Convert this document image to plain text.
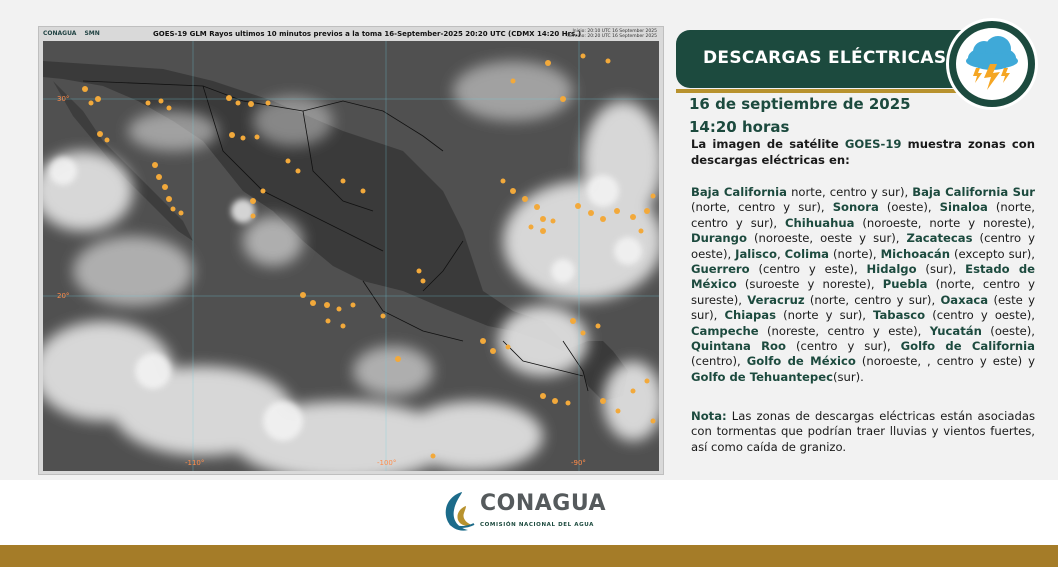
CONAGUA SMN	GOES-19 GLM Rayos ultimos 10 minutos previos a la toma 16-September-2025 20:20 UTC (CDMX 14:20 Hrs.)
Inicio: 20:10 UTC 16 September 2025
Termino: 20:20 UTC 16 September 2025
30°
20°
-110°	-100°	-90°
DESCARGAS ELÉCTRICAS
16 de septiembre de 2025
14:20 horas
La imagen de satélite GOES-19 muestra zonas con descargas eléctricas en:
Baja California norte, centro y sur), Baja California Sur (norte, centro y sur), Sonora (oeste), Sinaloa (norte, centro y sur), Chihuahua (noroeste, norte y noreste), Durango (noroeste, oeste y sur), Zacatecas (centro y oeste), Jalisco, Colima (norte), Michoacán (excepto sur), Guerrero (centro y este), Hidalgo (sur), Estado de México (suroeste y noreste), Puebla (norte, centro y sureste), Veracruz (norte, centro y sur), Oaxaca (este y sur), Chiapas (norte y sur), Tabasco (centro y oeste), Campeche (noreste, centro y este), Yucatán (oeste), Quintana Roo (centro y sur), Golfo de California (centro), Golfo de México (noroeste, , centro y este) y Golfo de Tehuantepec(sur).
Nota: Las zonas de descargas eléctricas están asociadas con tormentas que podrían traer lluvias y vientos fuertes, así como caída de granizo.
CONAGUA
COMISIÓN NACIONAL DEL AGUA
